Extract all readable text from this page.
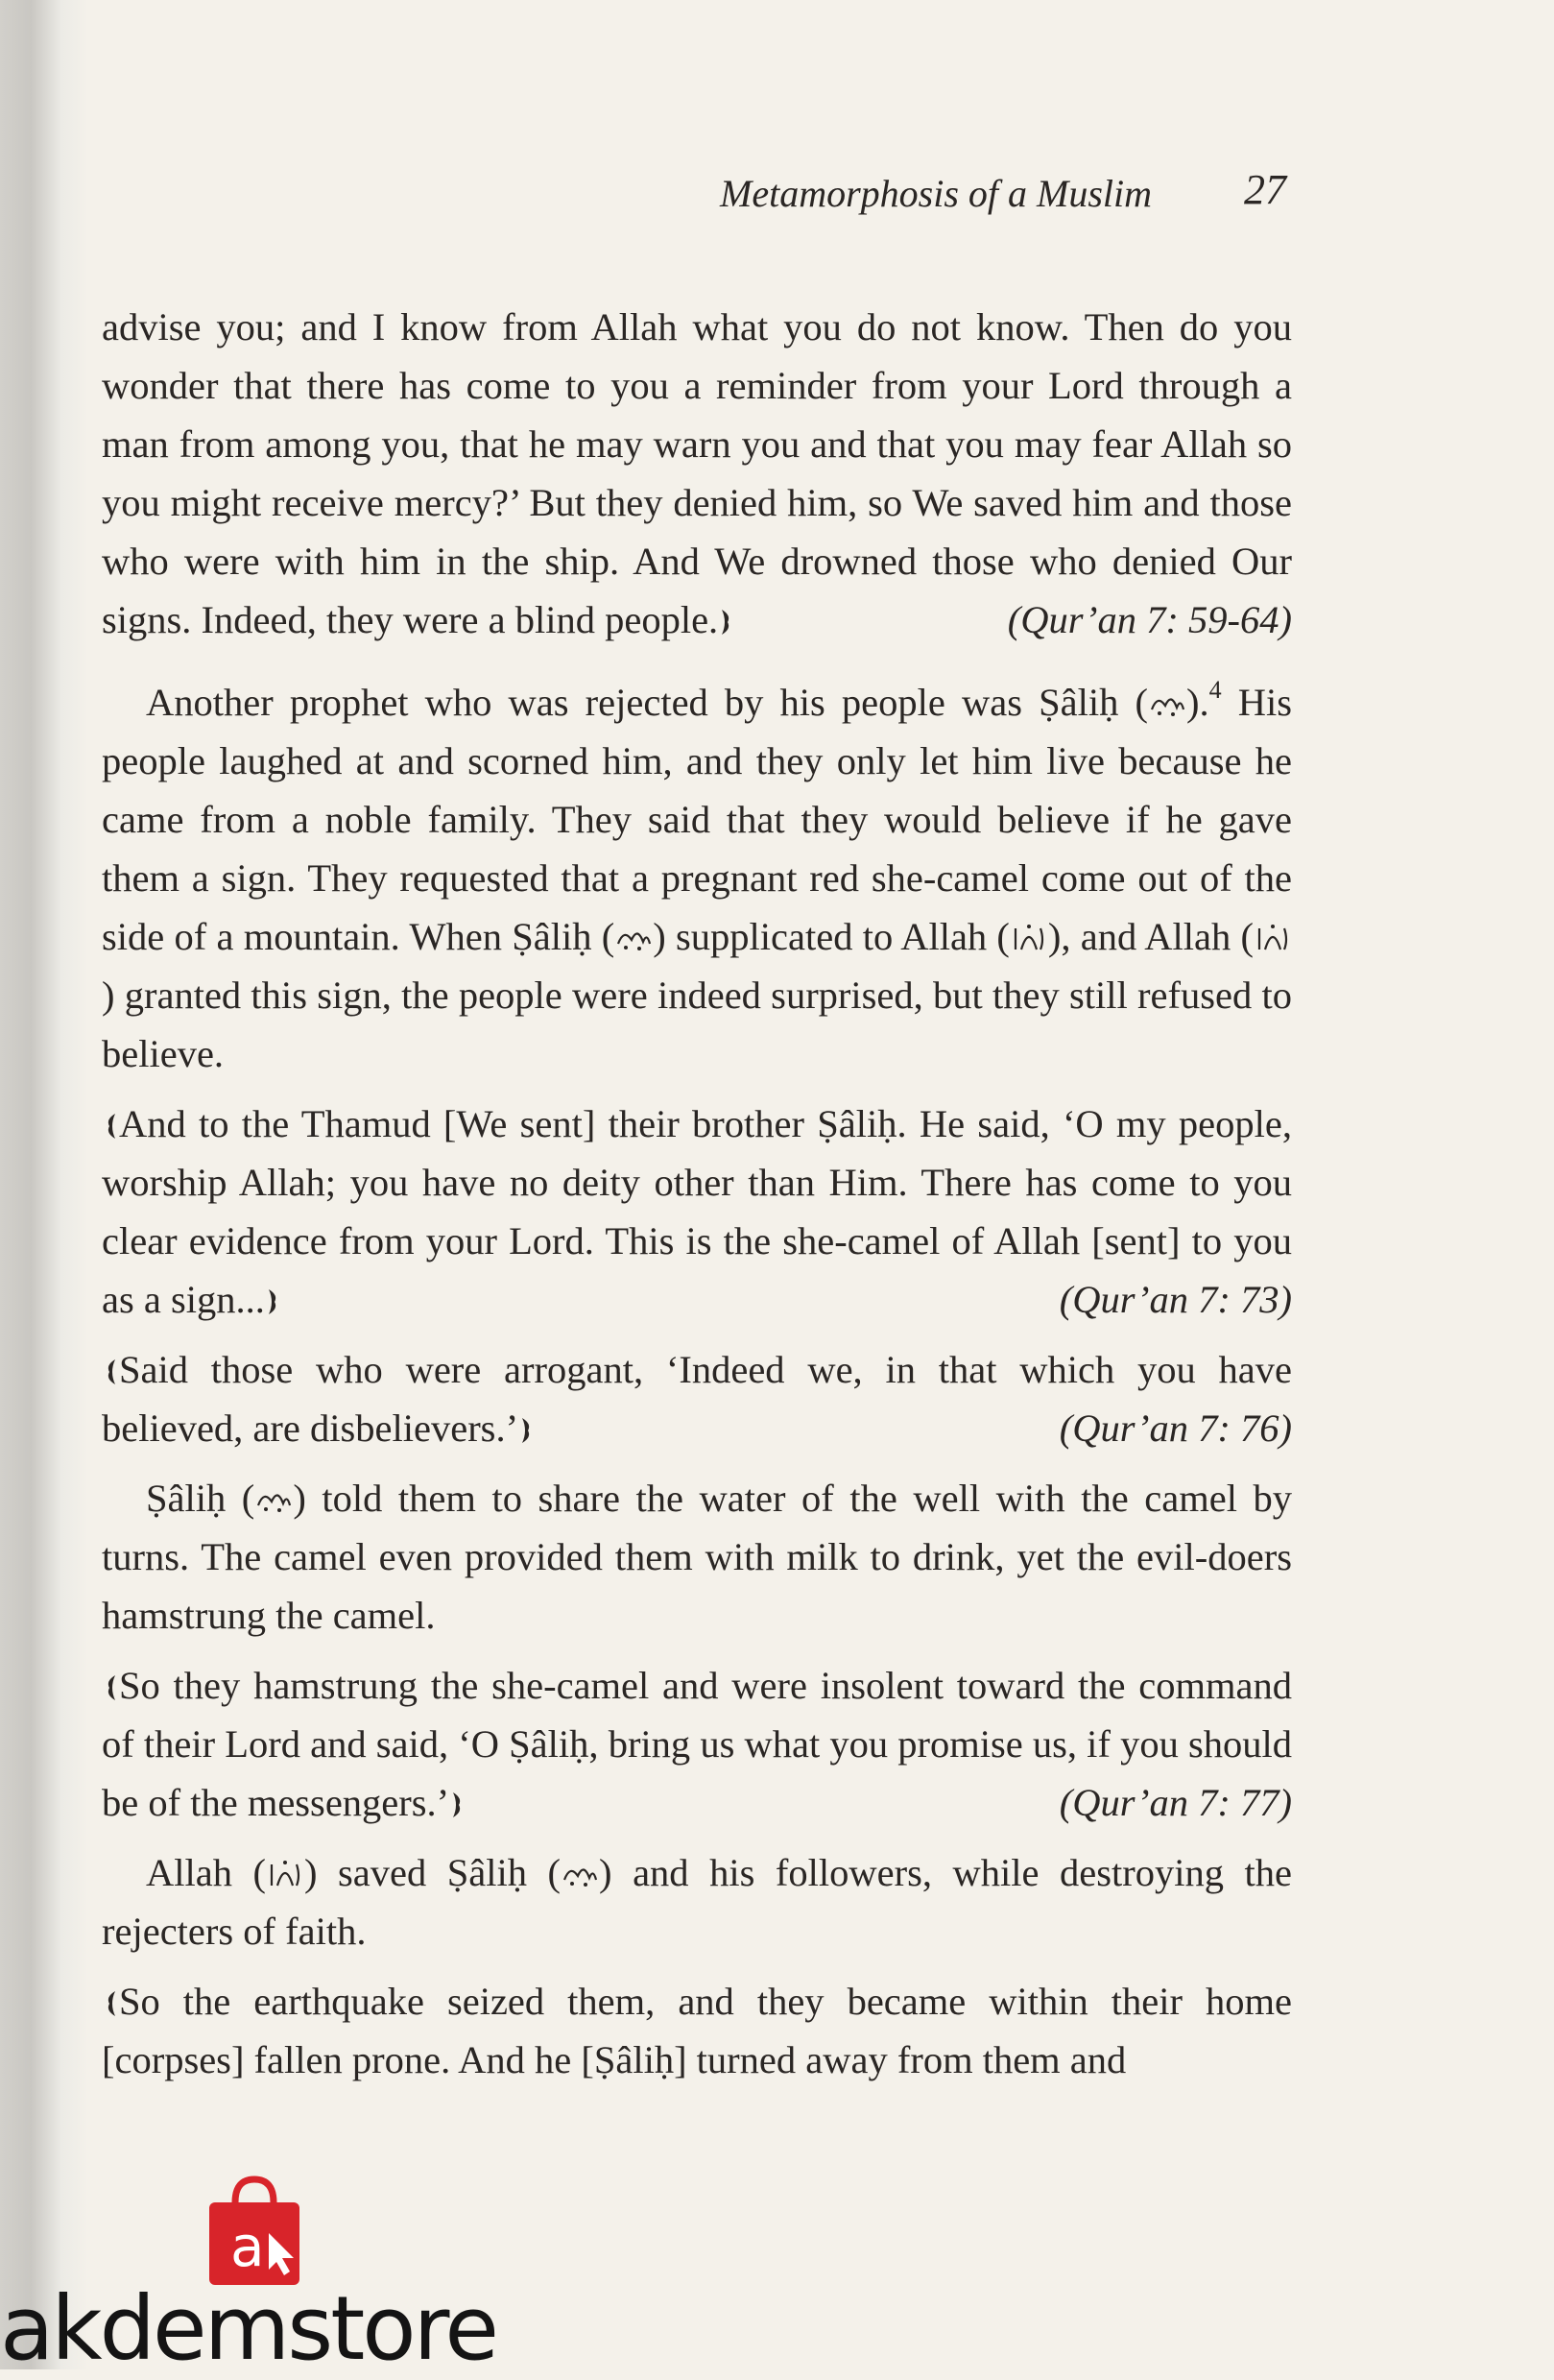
Metamorphosis of a Muslim 27

advise you; and I know from Allah what you do not know. Then do you wonder that there has come to you a reminder from your Lord through a man from among you, that he may warn you and that you may fear Allah so you might receive mercy?’ But they denied him, so We saved him and those who were with him in the ship. And We drowned those who denied Our signs. Indeed, they were a blind people.	(Qur’an 7: 59-64)

Another prophet who was rejected by his people was Ṣâliḥ ( ).$^4$ His people laughed at and scorned him, and they only let him live because he came from a noble family. They said that they would believe if he gave them a sign. They requested that a pregnant red she-camel come out of the side of a mountain. When Ṣâliḥ ( ) supplicated to Allah ( ), and Allah () granted this sign, the people were indeed surprised, but they still refused to believe.

And to the Thamud [We sent] their brother Ṣâliḥ. He said, ‘O my people, worship Allah; you have no deity other than Him. There has come to you clear evidence from your Lord. This is the she-camel of Allah [sent] to you as a sign...	(Qur’an 7: 73)

Said those who were arrogant, ‘Indeed we, in that which you have believed, are disbelievers.’	(Qur’an 7: 76)

Ṣâliḥ ( ) told them to share the water of the well with the camel by turns. The camel even provided them with milk to drink, yet the evil-doers hamstrung the camel.

So they hamstrung the she-camel and were insolent toward the command of their Lord and said, ‘O Ṣâliḥ, bring us what you promise us, if you should be of the messengers.’	(Qur’an 7: 77)

Allah ( ) saved Ṣâliḥ ( ) and his followers, while destroying the rejecters of faith.

So the earthquake seized them, and they became within their home [corpses] fallen prone. And he [Ṣâliḥ] turned away from them and

a
akdemstore
